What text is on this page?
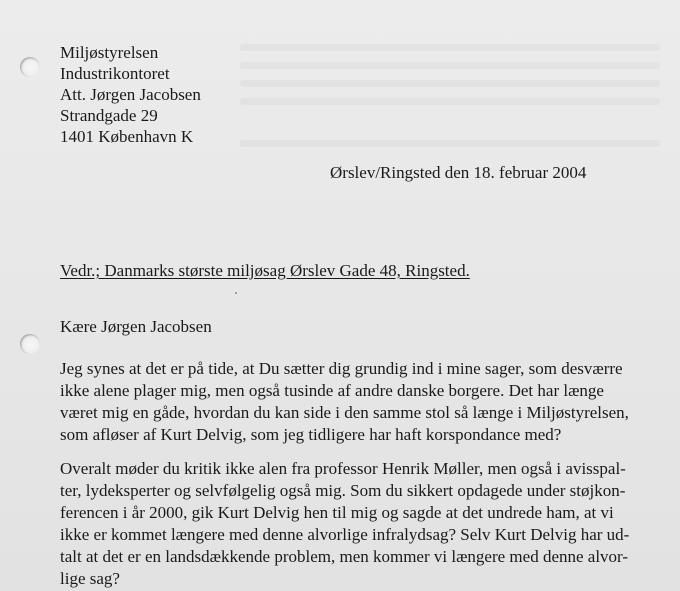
Miljøstyrelsen
Industrikontoret
Att. Jørgen Jacobsen
Strandgade 29
1401 København K
Ørslev/Ringsted den 18. februar 2004
Vedr.; Danmarks største miljøsag Ørslev Gade 48, Ringsted.
Kære Jørgen Jacobsen
Jeg synes at det er på tide, at Du sætter dig grundig ind i mine sager, som desværre
ikke alene plager mig, men også tusinde af andre danske borgere. Det har længe
været mig en gåde, hvordan du kan side i den samme stol så længe i Miljøstyrelsen,
som afløser af Kurt Delvig, som jeg tidligere har haft korspondance med?
Overalt møder du kritik ikke alen fra professor Henrik Møller, men også i avisspal-
ter, lydeksperter og selvfølgelig også mig. Som du sikkert opdagede under støjkon-
ferencen i år 2000, gik Kurt Delvig hen til mig og sagde at det undrede ham, at vi
ikke er kommet længere med denne alvorlige infralydsag? Selv Kurt Delvig har ud-
talt at det er en landsdækkende problem, men kommer vi længere med denne alvor-
lige sag?
